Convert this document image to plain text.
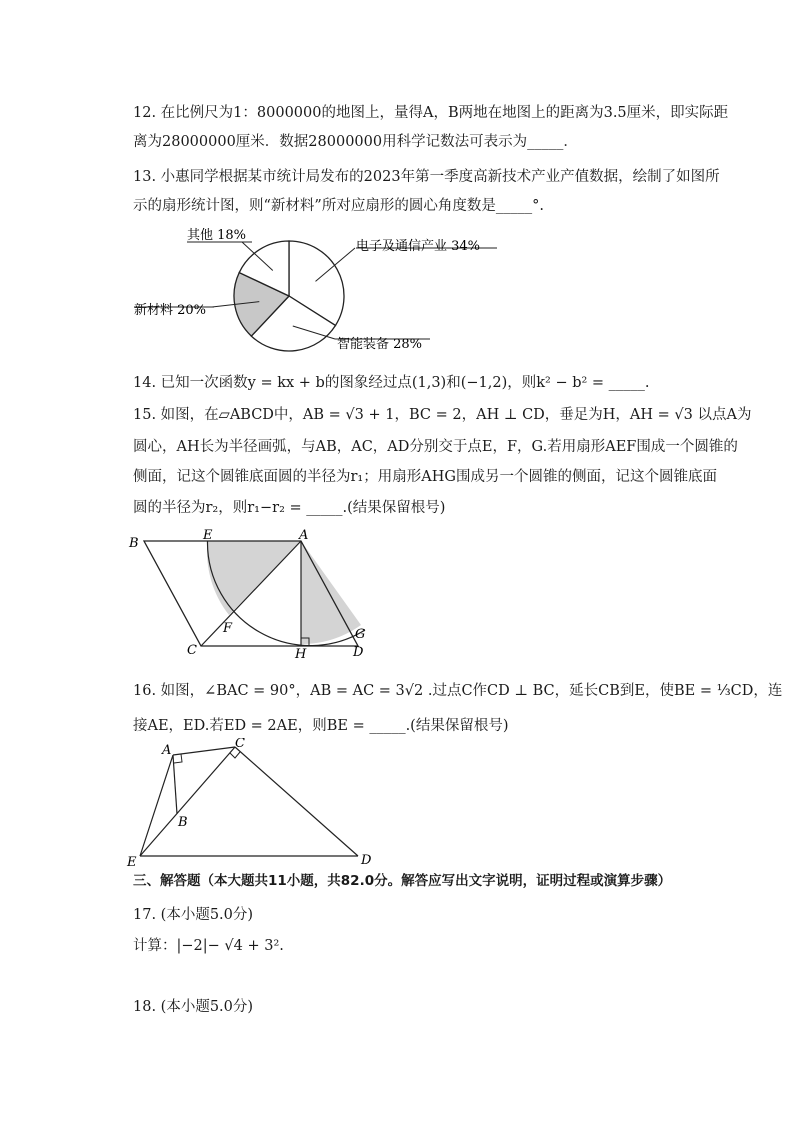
12. 在比例尺为1：8000000的地图上，量得A，B两地在地图上的距离为3.5厘米，即实际距
离为28000000厘米．数据28000000用科学记数法可表示为_____．
13. 小惠同学根据某市统计局发布的2023年第一季度高新技术产业产值数据，绘制了如图所
示的扇形统计图，则“新材料”所对应扇形的圆心角度数是_____°.
电子及通信产业 34%
智能装备 28%
新材料 20%
其他 18%
14. 已知一次函数y = kx + b的图象经过点(1,3)和(−1,2)，则k² − b² = _____.
15. 如图，在▱ABCD中，AB = √3 + 1，BC = 2，AH ⊥ CD，垂足为H，AH = √3 以点A为
圆心，AH长为半径画弧，与AB，AC，AD分别交于点E，F，G.若用扇形AEF围成一个圆锥的
侧面，记这个圆锥底面圆的半径为r₁；用扇形AHG围成另一个圆锥的侧面，记这个圆锥底面
圆的半径为r₂，则r₁−r₂ = _____.(结果保留根号)
B
E	A
F	G
C	H	D
16. 如图，∠BAC = 90°，AB = AC = 3√2 .过点C作CD ⊥ BC，延长CB到E，使BE = ⅓CD，连
接AE，ED.若ED = 2AE，则BE = _____.(结果保留根号)
A	C
B
E	D
三、解答题（本大题共11小题，共82.0分。解答应写出文字说明，证明过程或演算步骤）
17. (本小题5.0分)
计算：|−2|− √4 + 3².
18. (本小题5.0分)
